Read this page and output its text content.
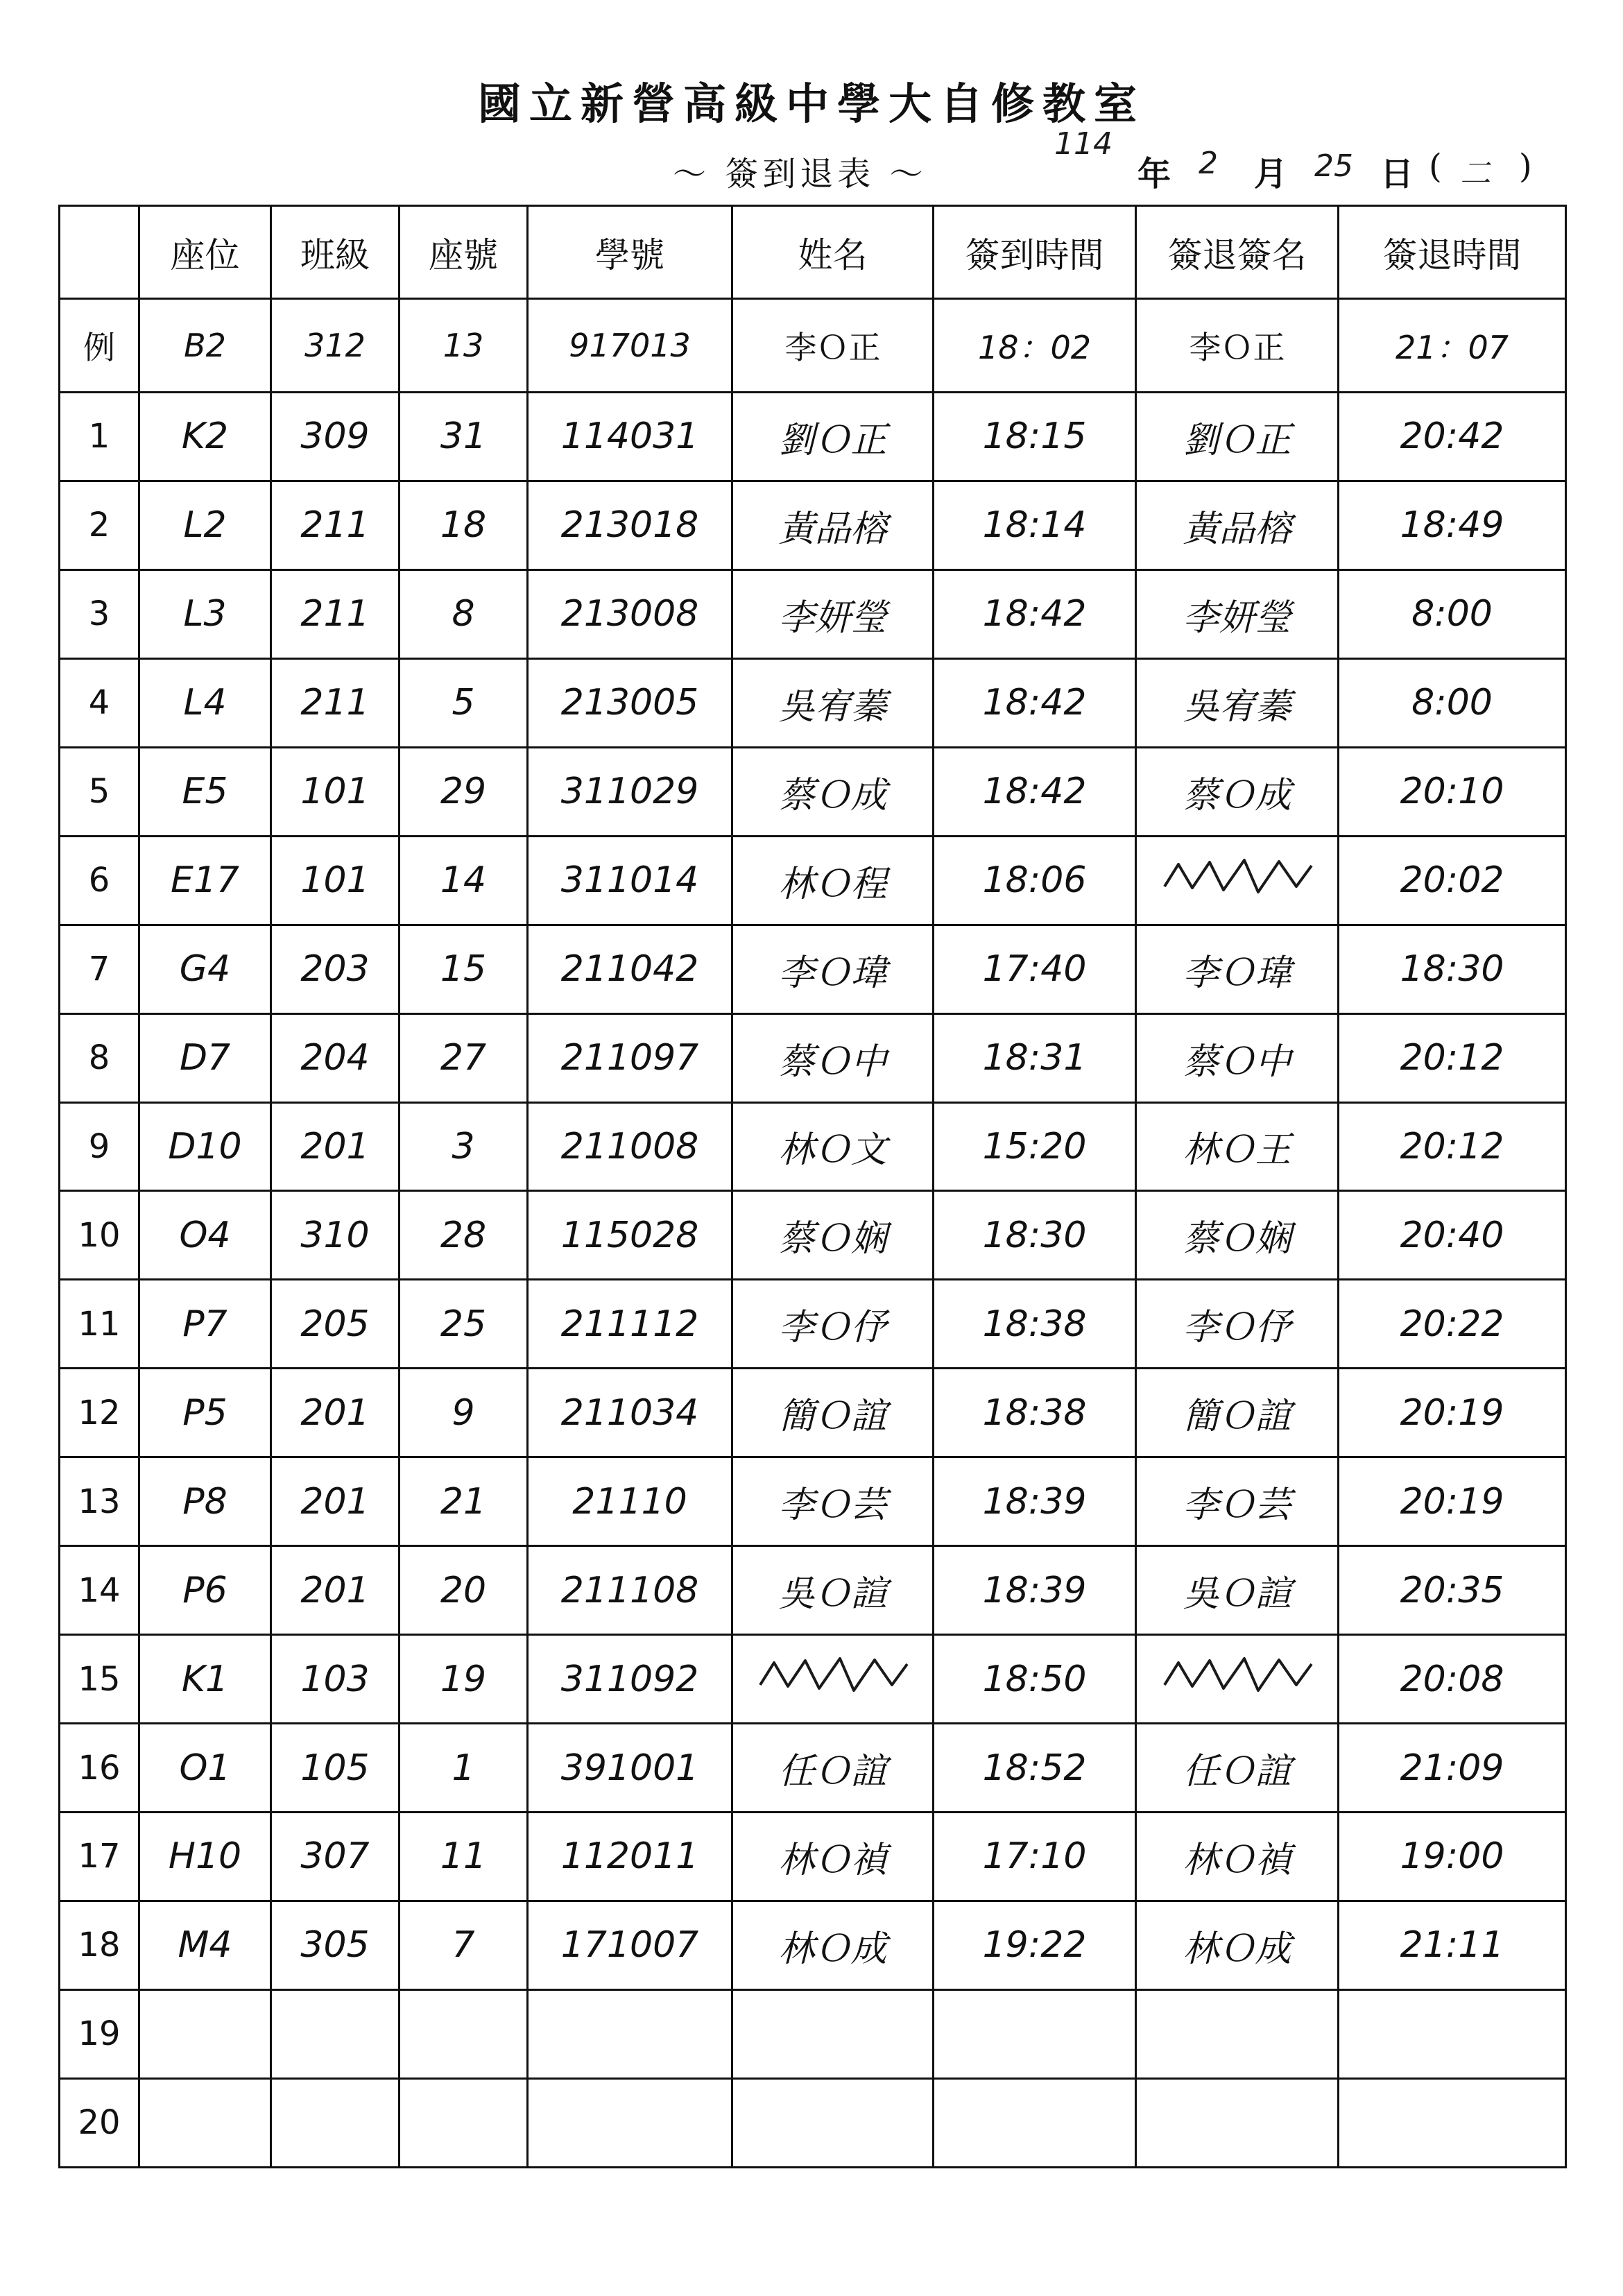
國立新營高級中學大自修教室
～ 簽到退表 ～
114
年 2 月 25 日 ( 二 )
	座位	班級	座號	學號	姓名	簽到時間	簽退簽名	簽退時間
例	B2	312	13	917013	李Ｏ正	18：02	李Ｏ正	21：07
1	K2	309	31	114031	劉Ｏ正	18:15	劉Ｏ正	20:42
2	L2	211	18	213018	黃品榕	18:14	黃品榕	18:49
3	L3	211	8	213008	李妍瑩	18:42	李妍瑩	8:00
4	L4	211	5	213005	吳宥蓁	18:42	吳宥蓁	8:00
5	E5	101	29	311029	蔡Ｏ成	18:42	蔡Ｏ成	20:10
6	E17	101	14	311014	林Ｏ程	18:06		20:02
7	G4	203	15	211042	李Ｏ瑋	17:40	李Ｏ瑋	18:30
8	D7	204	27	211097	蔡Ｏ中	18:31	蔡Ｏ中	20:12
9	D10	201	3	211008	林Ｏ文	15:20	林Ｏ王	20:12
10	O4	310	28	115028	蔡Ｏ娴	18:30	蔡Ｏ娴	20:40
11	P7	205	25	211112	李Ｏ伃	18:38	李Ｏ伃	20:22
12	P5	201	9	211034	簡Ｏ誼	18:38	簡Ｏ誼	20:19
13	P8	201	21	21110	李Ｏ芸	18:39	李Ｏ芸	20:19
14	P6	201	20	211108	吳Ｏ諠	18:39	吳Ｏ諠	20:35
15	K1	103	19	311092		18:50		20:08
16	O1	105	1	391001	任Ｏ誼	18:52	任Ｏ誼	21:09
17	H10	307	11	112011	林Ｏ禎	17:10	林Ｏ禎	19:00
18	M4	305	7	171007	林Ｏ成	19:22	林Ｏ成	21:11
19								
20								
